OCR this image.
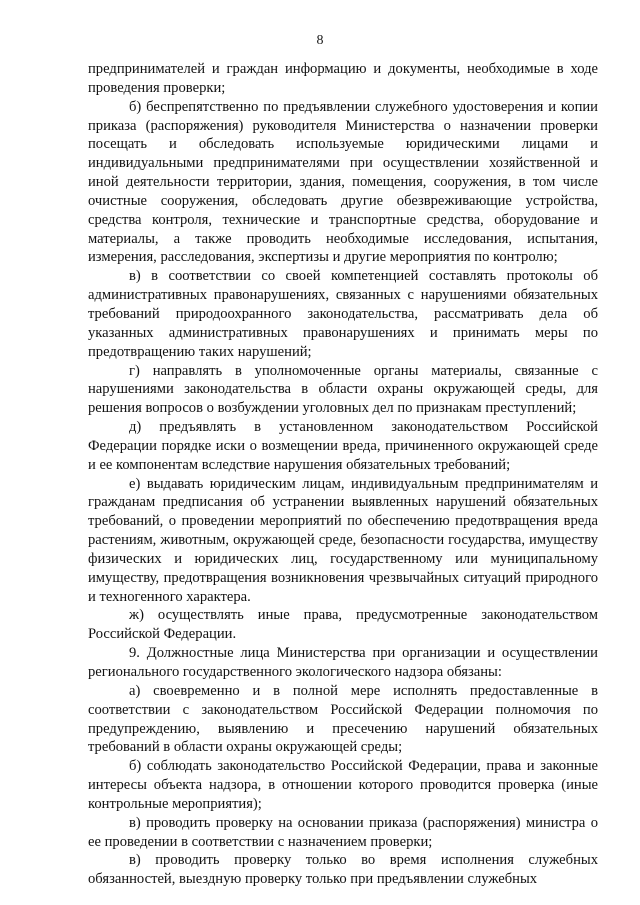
8

предпринимателей и граждан информацию и документы, необходимые в ходе проведения проверки;

б) беспрепятственно по предъявлении служебного удостоверения и копии приказа (распоряжения) руководителя Министерства о назначении проверки посещать и обследовать используемые юридическими лицами и индивидуальными предпринимателями при осуществлении хозяйственной и иной деятельности территории, здания, помещения, сооружения, в том числе очистные сооружения, обследовать другие обезвреживающие устройства, средства контроля, технические и транспортные средства, оборудование и материалы, а также проводить необходимые исследования, испытания, измерения, расследования, экспертизы и другие мероприятия по контролю;

в) в соответствии со своей компетенцией составлять протоколы об административных правонарушениях, связанных с нарушениями обязательных требований природоохранного законодательства, рассматривать дела об указанных административных правонарушениях и принимать меры по предотвращению таких нарушений;

г) направлять в уполномоченные органы материалы, связанные с нарушениями законодательства в области охраны окружающей среды, для решения вопросов о возбуждении уголовных дел по признакам преступлений;

д) предъявлять в установленном законодательством Российской Федерации порядке иски о возмещении вреда, причиненного окружающей среде и ее компонентам вследствие нарушения обязательных требований;

е) выдавать юридическим лицам, индивидуальным предпринимателям и гражданам предписания об устранении выявленных нарушений обязательных требований, о проведении мероприятий по обеспечению предотвращения вреда растениям, животным, окружающей среде, безопасности государства, имуществу физических и юридических лиц, государственному или муниципальному имуществу, предотвращения возникновения чрезвычайных ситуаций природного и техногенного характера.

ж) осуществлять иные права, предусмотренные законодательством Российской Федерации.

9. Должностные лица Министерства при организации и осуществлении регионального государственного экологического надзора обязаны:

а) своевременно и в полной мере исполнять предоставленные в соответствии с законодательством Российской Федерации полномочия по предупреждению, выявлению и пресечению нарушений обязательных требований в области охраны окружающей среды;

б) соблюдать законодательство Российской Федерации, права и законные интересы объекта надзора, в отношении которого проводится проверка (иные контрольные мероприятия);

в) проводить проверку на основании приказа (распоряжения) министра о ее проведении в соответствии с назначением проверки;

в) проводить проверку только во время исполнения служебных обязанностей, выездную проверку только при предъявлении служебных
